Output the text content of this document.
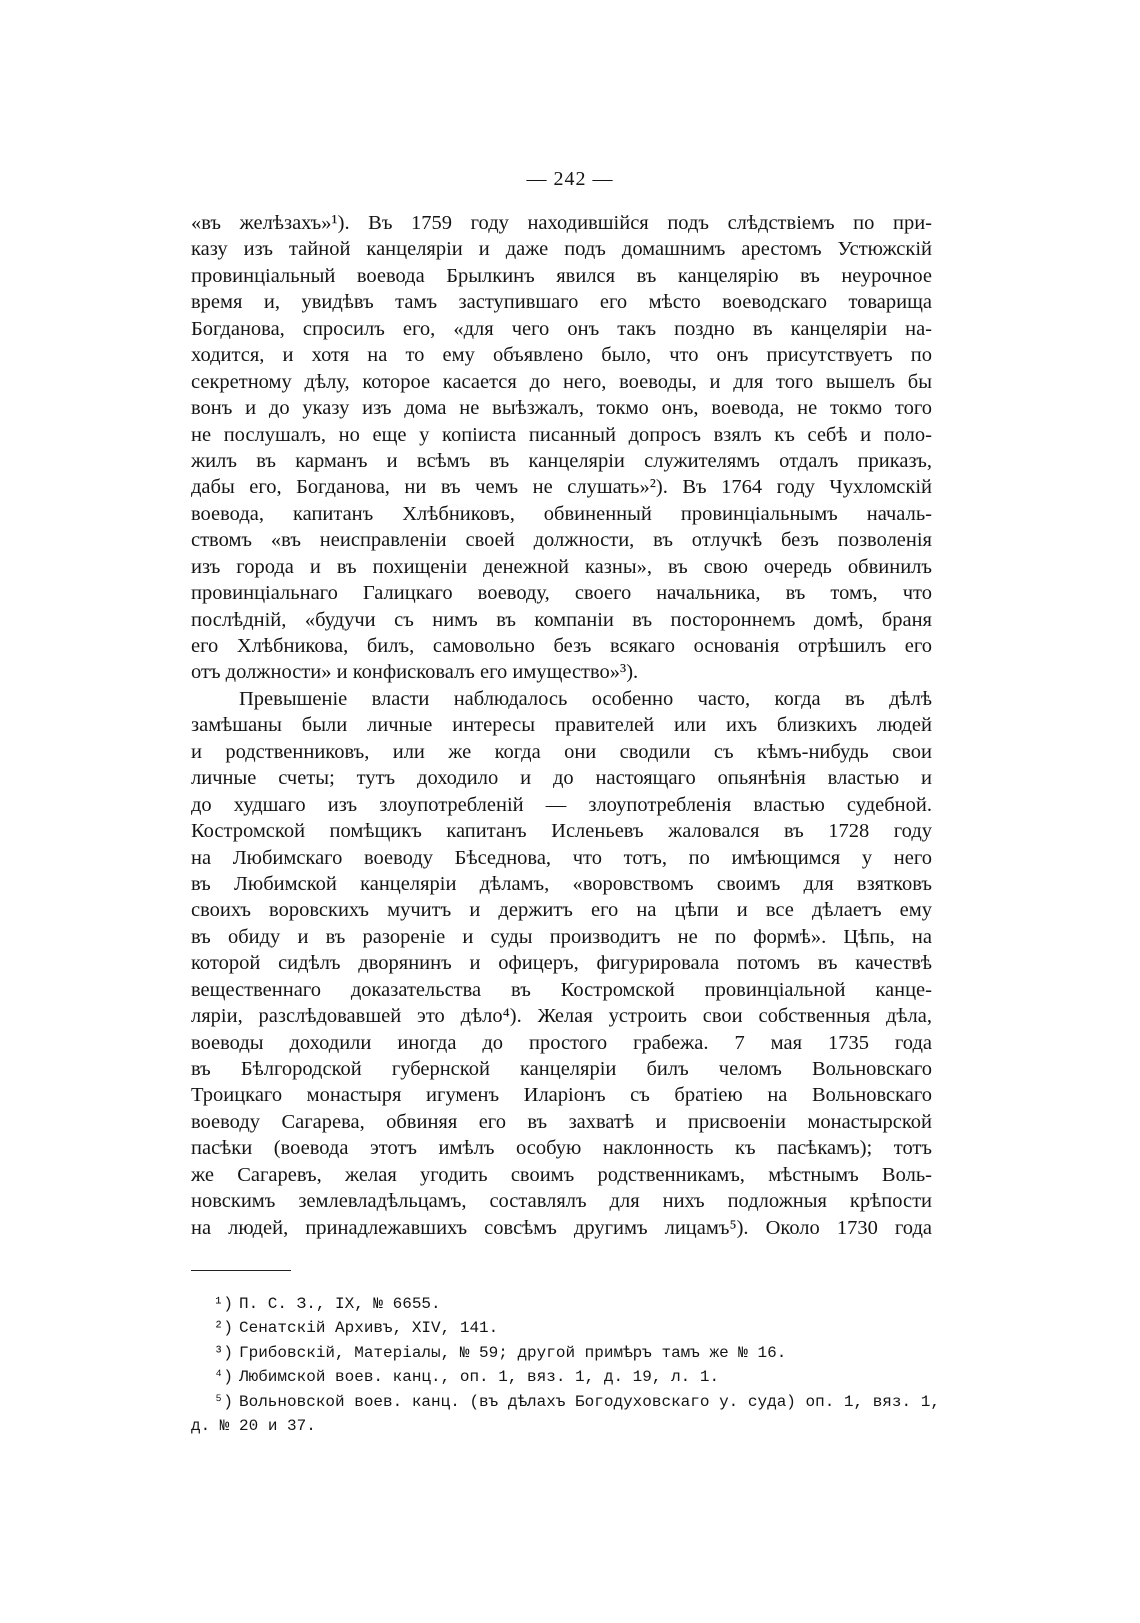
— 242 —
«въ желѣзахъ»¹). Въ 1759 году находившійся подъ слѣдствіемъ по при-
казу изъ тайной канцеляріи и даже подъ домашнимъ арестомъ Устюжскій
провинціальный воевода Брылкинъ явился въ канцелярію въ неурочное
время и, увидѣвъ тамъ заступившаго его мѣсто воеводскаго товарища
Богданова, спросилъ его, «для чего онъ такъ поздно въ канцеляріи на-
ходится, и хотя на то ему объявлено было, что онъ присутствуетъ по
секретному дѣлу, которое касается до него, воеводы, и для того вышелъ бы
вонъ и до указу изъ дома не выѣзжалъ, токмо онъ, воевода, не токмо того
не послушалъ, но еще у копіиста писанный допросъ взялъ къ себѣ и поло-
жилъ въ карманъ и всѣмъ въ канцеляріи служителямъ отдалъ приказъ,
дабы его, Богданова, ни въ чемъ не слушать»²). Въ 1764 году Чухломскій
воевода, капитанъ Хлѣбниковъ, обвиненный провинціальнымъ началь-
ствомъ «въ неисправленіи своей должности, въ отлучкѣ безъ позволенія
изъ города и въ похищеніи денежной казны», въ свою очередь обвинилъ
провинціальнаго Галицкаго воеводу, своего начальника, въ томъ, что
послѣдній, «будучи съ нимъ въ компаніи въ постороннемъ домѣ, браня
его Хлѣбникова, билъ, самовольно безъ всякаго основанія отрѣшилъ его
отъ должности» и конфисковалъ его имущество»³).
Превышеніе власти наблюдалось особенно часто, когда въ дѣлѣ
замѣшаны были личные интересы правителей или ихъ близкихъ людей
и родственниковъ, или же когда они сводили съ кѣмъ-нибудь свои
личные счеты; тутъ доходило и до настоящаго опьянѣнія властью и
до худшаго изъ злоупотребленій — злоупотребленія властью судебной.
Костромской помѣщикъ капитанъ Исленьевъ жаловался въ 1728 году
на Любимскаго воеводу Бѣседнова, что тотъ, по имѣющимся у него
въ Любимской канцеляріи дѣламъ, «воровствомъ своимъ для взятковъ
своихъ воровскихъ мучитъ и держитъ его на цѣпи и все дѣлаетъ ему
въ обиду и въ разореніе и суды производитъ не по формѣ». Цѣпь, на
которой сидѣлъ дворянинъ и офицеръ, фигурировала потомъ въ качествѣ
вещественнаго доказательства въ Костромской провинціальной канце-
ляріи, разслѣдовавшей это дѣло⁴). Желая устроить свои собственныя дѣла,
воеводы доходили иногда до простого грабежа. 7 мая 1735 года
въ Бѣлгородской губернской канцеляріи билъ челомъ Вольновскаго
Троицкаго монастыря игуменъ Иларіонъ съ братіею на Вольновскаго
воеводу Сагарева, обвиняя его въ захватѣ и присвоеніи монастырской
пасѣки (воевода этотъ имѣлъ особую наклонность къ пасѣкамъ); тотъ
же Сагаревъ, желая угодить своимъ родственникамъ, мѣстнымъ Воль-
новскимъ землевладѣльцамъ, составлялъ для нихъ подложныя крѣпости
на людей, принадлежавшихъ совсѣмъ другимъ лицамъ⁵). Около 1730 года
¹) П. С. З., IX, № 6655.
²) Сенатскій Архивъ, XIV, 141.
³) Грибовскій, Матеріалы, № 59; другой примѣръ тамъ же № 16.
⁴) Любимской воев. канц., оп. 1, вяз. 1, д. 19, л. 1.
⁵) Вольновской воев. канц. (въ дѣлахъ Богодуховскаго у. суда) оп. 1, вяз. 1,
д. № 20 и 37.
